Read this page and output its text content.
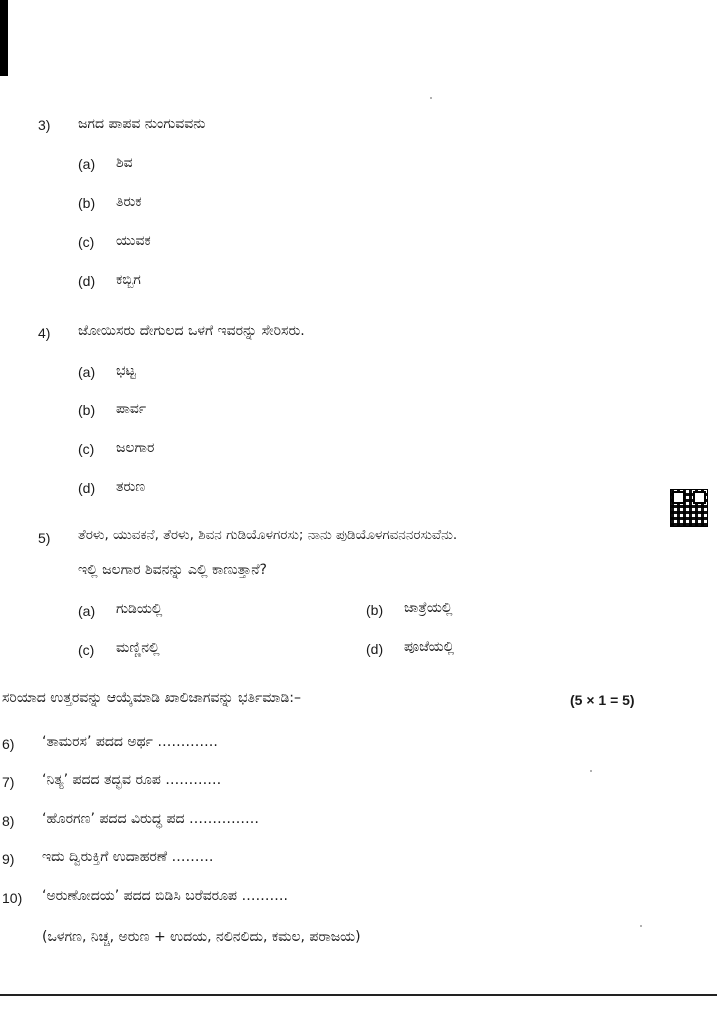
3) ಜಗದ ಪಾಪವ ನುಂಗುವವನು
(a) ಶಿವ
(b) ತಿರುಕ
(c) ಯುವಕ
(d) ಕಬ್ಬಿಗ
4) ಜೋಯಿಸರು ದೇಗುಲದ ಒಳಗೆ ಇವರನ್ನು ಸೇರಿಸರು.
(a) ಭಟ್ಟ
(b) ಪಾರ್ವ
(c) ಜಲಗಾರ
(d) ತರುಣ
5) ತೆರಳು, ಯುವಕನೆ, ತೆರಳು, ಶಿವನ ಗುಡಿಯೊಳಗರಸು; ನಾನು ಪುಡಿಯೊಳಗವನನರಸುವೆನು.
ಇಲ್ಲಿ ಜಲಗಾರ ಶಿವನನ್ನು ಎಲ್ಲಿ ಕಾಣುತ್ತಾನೆ?
(a) ಗುಡಿಯಲ್ಲಿ	(b) ಜಾತ್ರೆಯಲ್ಲಿ
(c) ಮಣ್ಣಿನಲ್ಲಿ	(d) ಪೂಜೆಯಲ್ಲಿ
ಸರಿಯಾದ ಉತ್ತರವನ್ನು ಆಯ್ಕೆಮಾಡಿ ಖಾಲಿಜಾಗವನ್ನು ಭರ್ತಿಮಾಡಿ:–	(5 × 1 = 5)
6) ‘ತಾಮರಸ’ ಪದದ ಅರ್ಥ ………….
7) ‘ನಿತ್ಯ’ ಪದದ ತದ್ಭವ ರೂಪ …………
8) ‘ಹೊರಗಣ’ ಪದದ ವಿರುದ್ಧ ಪದ ……………
9) ಇದು ದ್ವಿರುಕ್ತಿಗೆ ಉದಾಹರಣೆ ………
10) ‘ಅರುಣೋದಯ’ ಪದದ ಬಿಡಿಸಿ ಬರೆವರೂಪ ……….
(ಒಳಗಣ, ನಿಚ್ಚ, ಅರುಣ + ಉದಯ, ನಲಿನಲಿದು, ಕಮಲ, ಪರಾಜಯ)
